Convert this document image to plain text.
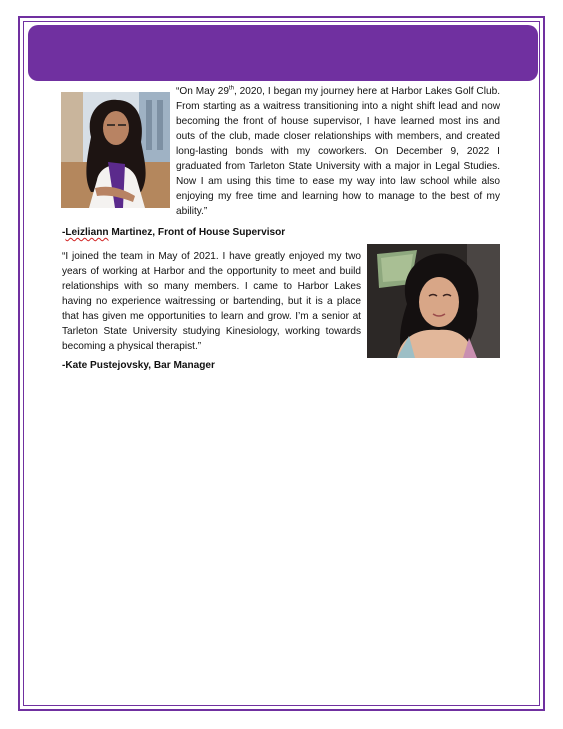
“On May 29th, 2020, I began my journey here at Harbor Lakes Golf Club. From starting as a waitress transitioning into a night shift lead and now becoming the front of house supervisor, I have learned most ins and outs of the club, made closer relationships with members, and created long-lasting bonds with my coworkers. On December 9, 2022 I graduated from Tarleton State University with a major in Legal Studies. Now I am using this time to ease my way into law school while also enjoying my free time and learning how to manage to the best of my ability.”
-Leizliann Martinez, Front of House Supervisor
“I joined the team in May of 2021. I have greatly enjoyed my two years of working at Harbor and the opportunity to meet and build relationships with so many members. I came to Harbor Lakes having no experience waitressing or bartending, but it is a place that has given me opportunities to learn and grow. I’m a senior at Tarleton State University studying Kinesiology, working towards becoming a physical therapist.”
-Kate Pustejovsky, Bar Manager
